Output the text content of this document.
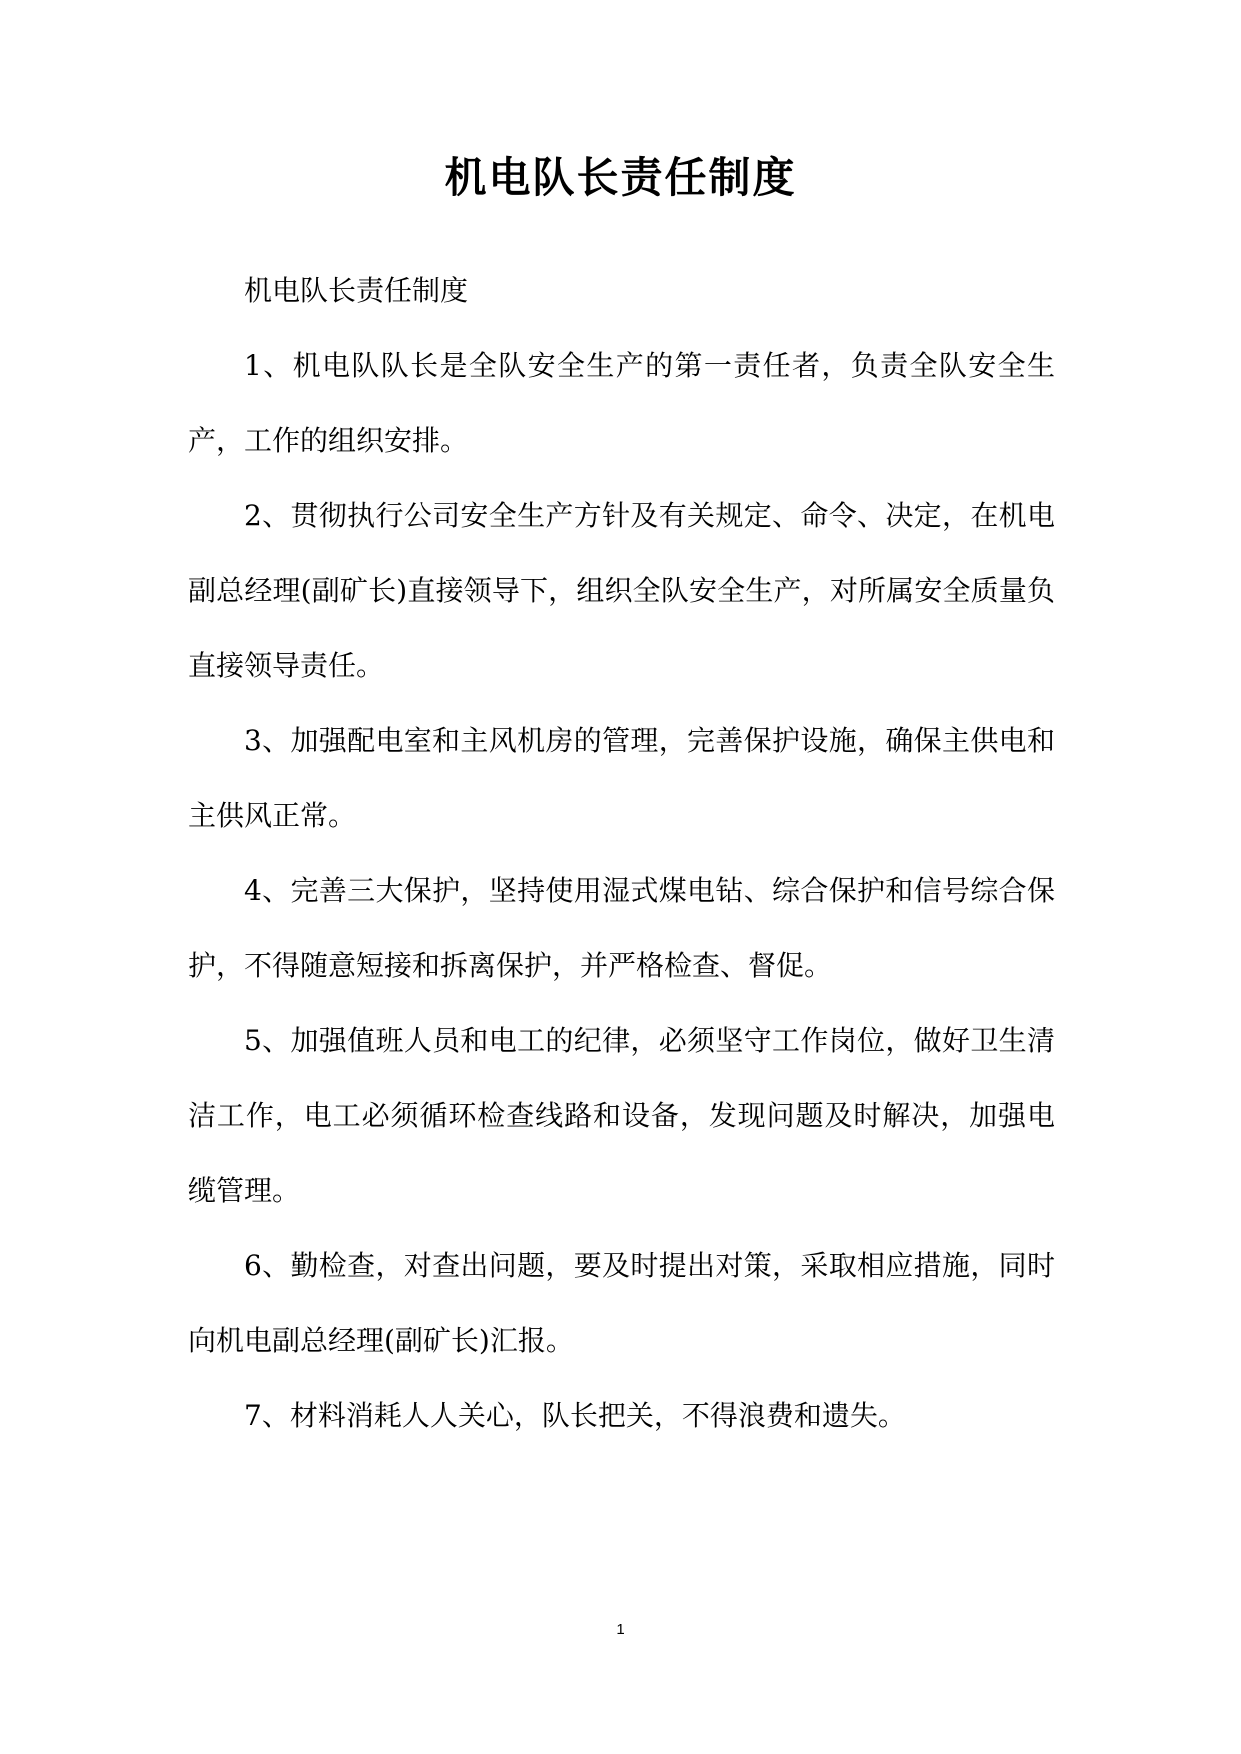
机电队长责任制度

机电队长责任制度

1、机电队队长是全队安全生产的第一责任者，负责全队安全生产，工作的组织安排。

2、贯彻执行公司安全生产方针及有关规定、命令、决定，在机电副总经理(副矿长)直接领导下，组织全队安全生产，对所属安全质量负直接领导责任。

3、加强配电室和主风机房的管理，完善保护设施，确保主供电和主供风正常。

4、完善三大保护，坚持使用湿式煤电钻、综合保护和信号综合保护，不得随意短接和拆离保护，并严格检查、督促。

5、加强值班人员和电工的纪律，必须坚守工作岗位，做好卫生清洁工作，电工必须循环检查线路和设备，发现问题及时解决，加强电缆管理。

6、勤检查，对查出问题，要及时提出对策，采取相应措施，同时向机电副总经理(副矿长)汇报。

7、材料消耗人人关心，队长把关，不得浪费和遗失。

1
